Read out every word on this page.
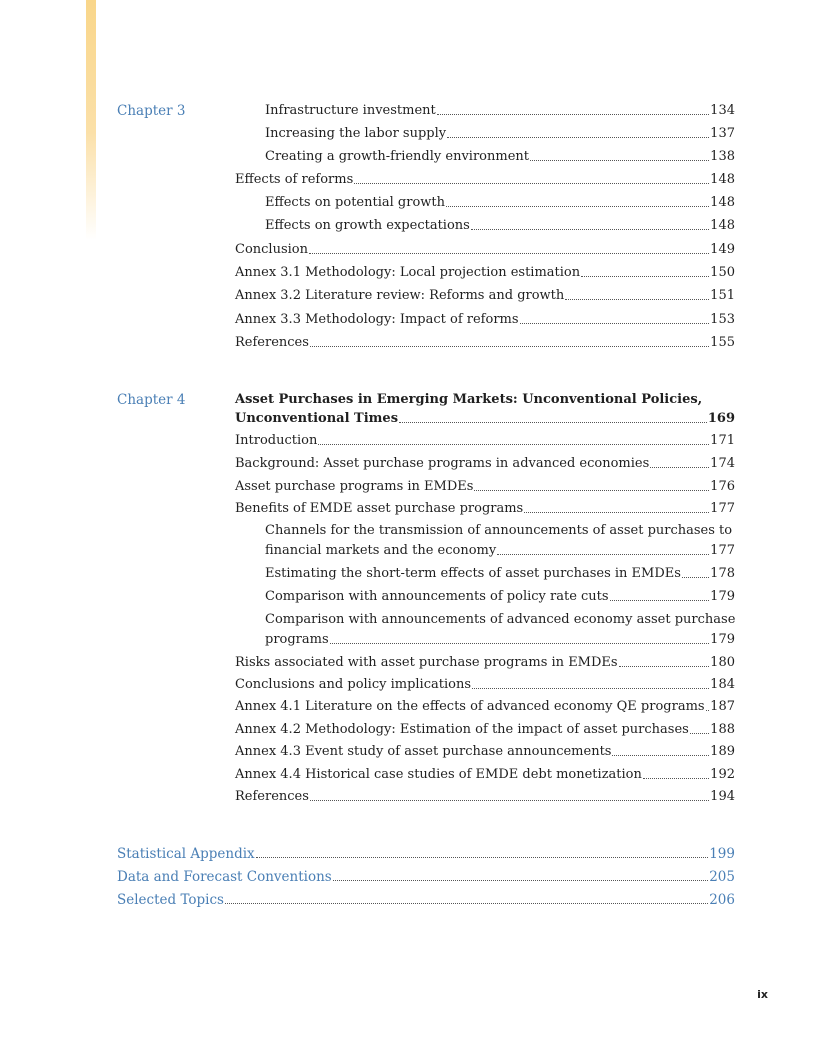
Chapter 3	Infrastructure investment	134
Increasing the labor supply	137
Creating a growth-friendly environment	138
Effects of reforms	148
Effects on potential growth	148
Effects on growth expectations	148
Conclusion	149
Annex 3.1 Methodology: Local projection estimation	150
Annex 3.2 Literature review: Reforms and growth	151
Annex 3.3 Methodology: Impact of reforms	153
References	155
Chapter 4	Asset Purchases in Emerging Markets: Unconventional Policies,
Unconventional Times	169
Introduction	171
Background: Asset purchase programs in advanced economies	174
Asset purchase programs in EMDEs	176
Benefits of EMDE asset purchase programs	177
Channels for the transmission of announcements of asset purchases to
financial markets and the economy	177
Estimating the short-term effects of asset purchases in EMDEs 178
Comparison with announcements of policy rate cuts	179
Comparison with announcements of advanced economy asset purchase
programs	179
Risks associated with asset purchase programs in EMDEs	180
Conclusions and policy implications	184
Annex 4.1 Literature on the effects of advanced economy QE programs 187
Annex 4.2 Methodology: Estimation of the impact of asset purchases 188
Annex 4.3 Event study of asset purchase announcements	189
Annex 4.4 Historical case studies of EMDE debt monetization	192
References	194
Statistical Appendix	199
Data and Forecast Conventions	205
Selected Topics	206
ix
